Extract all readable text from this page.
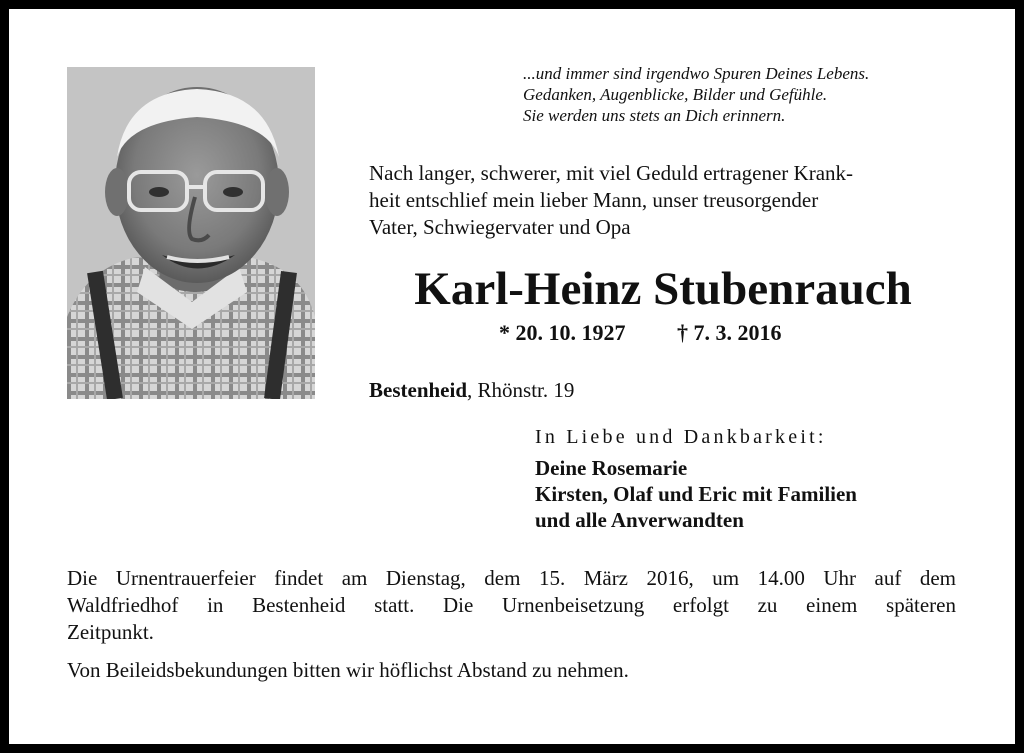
...und immer sind irgendwo Spuren Deines Lebens.
Gedanken, Augenblicke, Bilder und Gefühle.
Sie werden uns stets an Dich erinnern.
Nach langer, schwerer, mit viel Geduld ertragener Krank-
heit entschlief mein lieber Mann, unser treusorgender
Vater, Schwiegervater und Opa
Karl-Heinz Stubenrauch
* 20. 10. 1927 † 7. 3. 2016
Bestenheid, Rhönstr. 19
In Liebe und Dankbarkeit:
Deine Rosemarie
Kirsten, Olaf und Eric mit Familien
und alle Anverwandten
Die Urnentrauerfeier findet am Dienstag, dem 15. März 2016, um 14.00 Uhr auf dem
Waldfriedhof in Bestenheid statt. Die Urnenbeisetzung erfolgt zu einem späteren
Zeitpunkt.
Von Beileidsbekundungen bitten wir höflichst Abstand zu nehmen.
